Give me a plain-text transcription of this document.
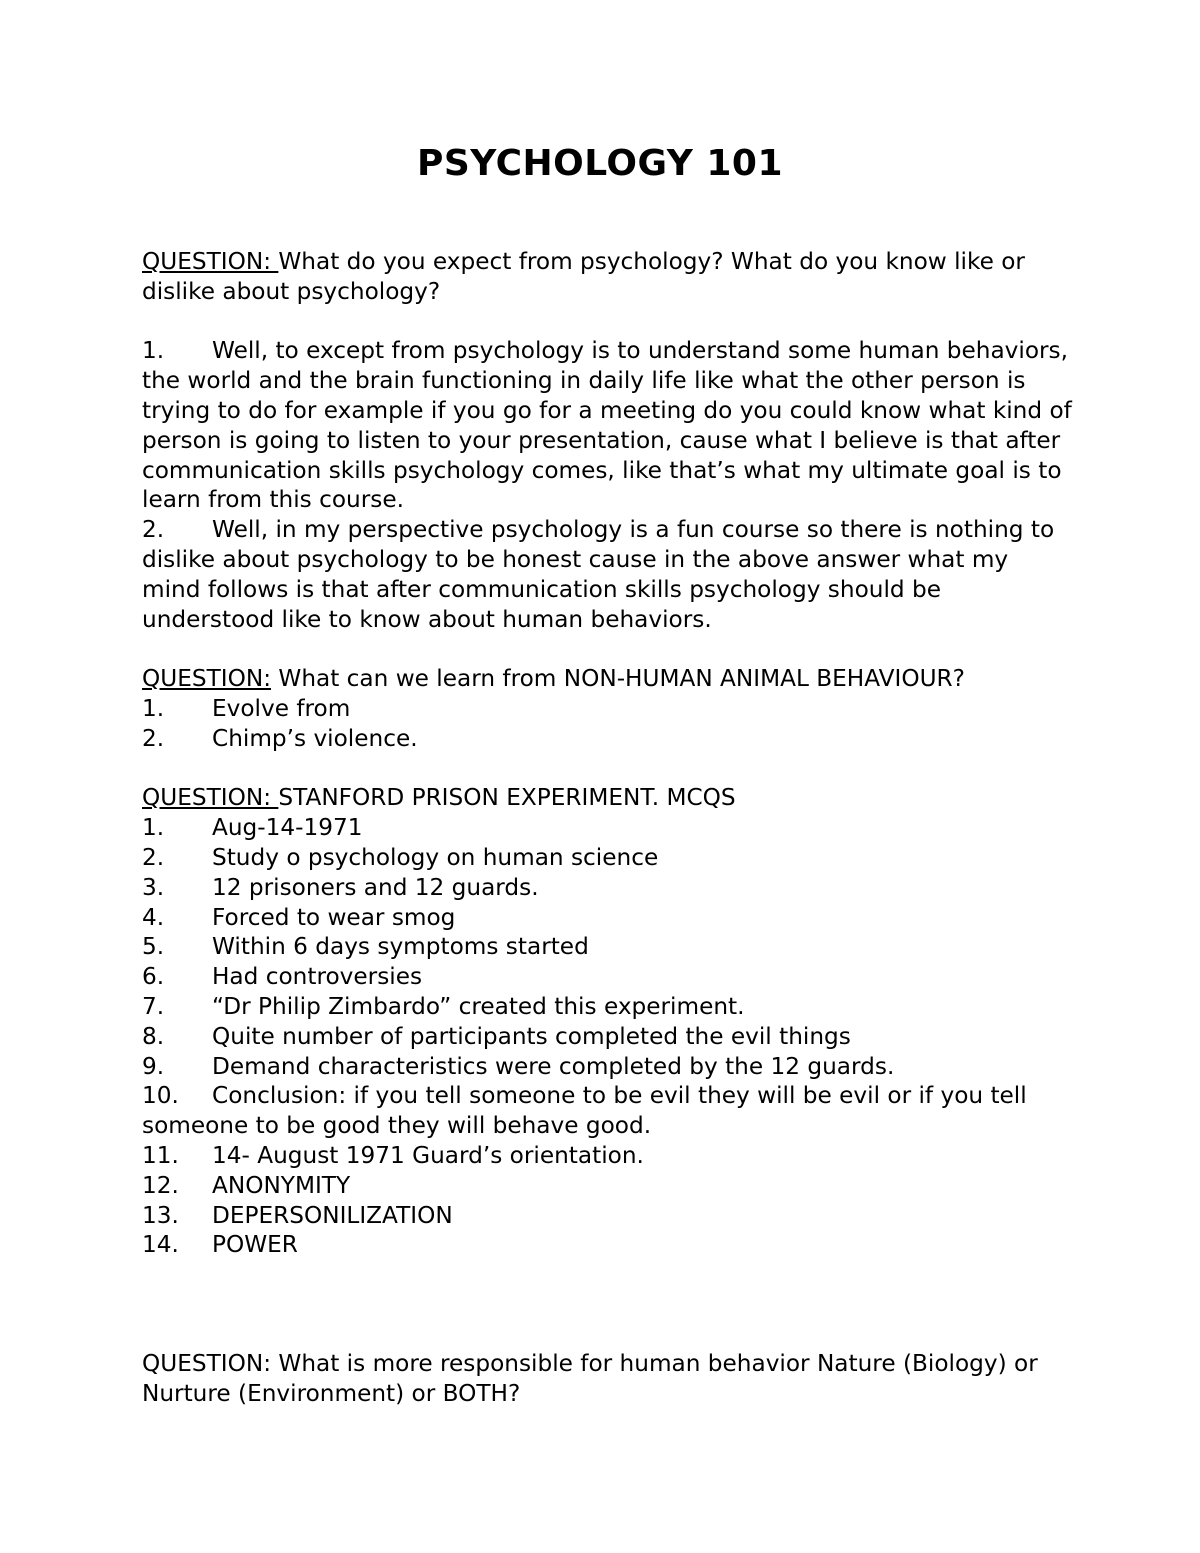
PSYCHOLOGY 101

QUESTION: What do you expect from psychology? What do you know like or dislike about psychology?

1. Well, to except from psychology is to understand some human behaviors, the world and the brain functioning in daily life like what the other person is trying to do for example if you go for a meeting do you could know what kind of person is going to listen to your presentation, cause what I believe is that after communication skills psychology comes, like that’s what my ultimate goal is to learn from this course.

2. Well, in my perspective psychology is a fun course so there is nothing to dislike about psychology to be honest cause in the above answer what my mind follows is that after communication skills psychology should be understood like to know about human behaviors.

QUESTION: What can we learn from NON-HUMAN ANIMAL BEHAVIOUR?

1. Evolve from

2. Chimp’s violence.

QUESTION: STANFORD PRISON EXPERIMENT. MCQS

1. Aug-14-1971

2. Study o psychology on human science

3. 12 prisoners and 12 guards.

4. Forced to wear smog

5. Within 6 days symptoms started

6. Had controversies

7. “Dr Philip Zimbardo” created this experiment.

8. Quite number of participants completed the evil things

9. Demand characteristics were completed by the 12 guards.

10. Conclusion: if you tell someone to be evil they will be evil or if you tell someone to be good they will behave good.

11. 14- August 1971 Guard’s orientation.

12. ANONYMITY

13. DEPERSONILIZATION

14. POWER

QUESTION: What is more responsible for human behavior Nature (Biology) or Nurture (Environment) or BOTH?
